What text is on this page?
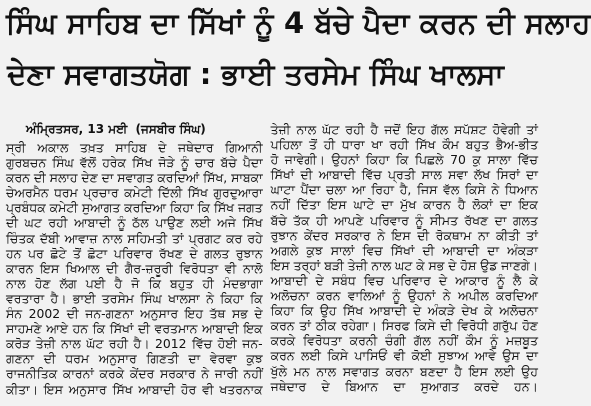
ਸਿੰਘ ਸਾਹਿਬ ਦਾ ਸਿੱਖਾਂ ਨੂੰ 4 ਬੱਚੇ ਪੈਦਾ ਕਰਨ ਦੀ ਸਲਾਹ
ਦੇਣਾ ਸਵਾਗਤਯੋਗ : ਭਾਈ ਤਰਸੇਮ ਸਿੰਘ ਖਾਲਸਾ
ਅੰਮ੍ਰਿਤਸਰ, 13 ਮਈ (ਜਸਬੀਰ ਸਿੰਘ)
ਸ੍ਰੀ ਅਕਾਲ ਤਖ਼ਤ ਸਾਹਿਬ ਦੇ ਜਥੇਦਾਰ ਗਿਆਨੀ
ਗੁਰਬਚਨ ਸਿੰਘ ਵੱਲੋਂ ਹਰੇਕ ਸਿੱਖ ਜੋੜੇ ਨੂੰ ਚਾਰ ਬੱਚੇ ਪੈਦਾ
ਕਰਨ ਦੀ ਸਲਾਹ ਦੇਣ ਦਾ ਸਵਾਗਤ ਕਰਦਿਆਂ ਸਿੱਖ, ਸਾਬਕਾ
ਚੇਅਰਮੈਨ ਧਰਮ ਪ੍ਰਚਾਰ ਕਮੇਟੀ ਦਿੱਲੀ ਸਿੱਖ ਗੁਰਦੁਆਰਾ
ਪ੍ਰਬੰਧਕ ਕਮੇਟੀ ਸੁਆਗਤ ਕਰਦਿਆ ਕਿਹਾ ਕਿ ਸਿੱਖ ਜਗਤ
ਦੀ ਘਟ ਰਹੀ ਆਬਾਦੀ ਨੂੰ ਠੱਲ ਪਾਉਣ ਲਈ ਅਜੇ ਸਿੱਖ
ਚਿੰਤਕ ਦੱਬੀ ਆਵਾਜ਼ ਨਾਲ ਸਹਿਮਤੀ ਤਾਂ ਪ੍ਰਗਟ ਕਰ ਰਹੇ
ਹਨ ਪਰ ਛੋਟੇ ਤੋਂ ਛੋਟਾ ਪਰਿਵਾਰ ਰੱਖਣ ਦੇ ਗਲਤ ਰੁਝਾਨ
ਕਾਰਨ ਇਸ ਖਿਆਲ ਦੀ ਗੈਰ-ਜ਼ਰੂਰੀ ਵਿਰੋਧਤਾ ਵੀ ਨਾਲੋ
ਨਾਲ ਹੋਣ ਲੱਗ ਪਈ ਹੈ ਜੋ ਕਿ ਬਹੁਤ ਹੀ ਮੰਦਭਾਗਾ
ਵਰਤਾਰਾ ਹੈ। ਭਾਈ ਤਰਸੇਮ ਸਿੰਘ ਖਾਲਸਾ ਨੇ ਕਿਹਾ ਕਿ
ਸੰਨ 2002 ਦੀ ਜਨ-ਗਣਨਾ ਅਨੁਸਾਰ ਇਹ ਤੱਥ ਸਭ ਦੇ
ਸਾਹਮਣੇ ਆਏ ਹਨ ਕਿ ਸਿੱਖਾਂ ਦੀ ਵਰਤਮਾਨ ਆਬਾਦੀ ਇਕ
ਕਰੋੜ ਤੇਜ਼ੀ ਨਾਲ ਘੱਟ ਰਹੀ ਹੈ। 2012 ਵਿੱਚ ਹੋਈ ਜਨ-
ਗਣਨਾ ਦੀ ਧਰਮ ਅਨੁਸਾਰ ਗਿਣਤੀ ਦਾ ਵੇਰਵਾ ਕੁਝ
ਰਾਜਨੀਤਿਕ ਕਾਰਨਾਂ ਕਰਕੇ ਕੇਂਦਰ ਸਰਕਾਰ ਨੇ ਜਾਰੀ ਨਹੀਂ
ਕੀਤਾ। ਇਸ ਅਨੁਸਾਰ ਸਿੱਖ ਆਬਾਦੀ ਹੋਰ ਵੀ ਖਤਰਨਾਕ
ਤੇਜ਼ੀ ਨਾਲ ਘੱਟ ਰਹੀ ਹੈ ਜਦੋਂ ਇਹ ਗੱਲ ਸਪੱਸ਼ਟ ਹੋਵੇਗੀ ਤਾਂ
ਪਹਿਲਾ ਤੋਂ ਹੀ ਧਾਰਾ ਖਾ ਰਹੀ ਸਿੱਖ ਕੌਮ ਬਹੁਤ ਭੈਅ-ਭੀਤ
ਹੋ ਜਾਵੇਗੀ। ਉਹਨਾਂ ਕਿਹਾ ਕਿ ਪਿਛਲੇ 70 ਕੁ ਸਾਲਾ ਵਿੱਚ
ਸਿੱਖਾਂ ਦੀ ਆਬਾਦੀ ਵਿੱਚ ਪ੍ਰਤੀ ਸਾਲ ਸਵਾ ਲੱਖ ਸਿਰਾਂ ਦਾ
ਘਾਟਾ ਪੈਂਦਾ ਚਲਾ ਆ ਰਿਹਾ ਹੈ, ਜਿਸ ਵੱਲ ਕਿਸੇ ਨੇ ਧਿਆਨ
ਨਹੀਂ ਦਿੱਤਾ ਇਸ ਘਾਟੇ ਦਾ ਮੁੱਖ ਕਾਰਨ ਹੈ ਲੋਕਾਂ ਦਾ ਇਕ
ਬੱਚੇ ਤੱਕ ਹੀ ਆਪਣੇ ਪਰਿਵਾਰ ਨੂੰ ਸੀਮਤ ਰੱਖਣ ਦਾ ਗਲਤ
ਰੁਝਾਨ ਕੇਂਦਰ ਸਰਕਾਰ ਨੇ ਇਸ ਦੀ ਰੋਕਥਾਮ ਨਾ ਕੀਤੀ ਤਾਂ
ਅਗਲੇ ਕੁਝ ਸਾਲਾਂ ਵਿਚ ਸਿੱਖਾਂ ਦੀ ਆਬਾਦੀ ਦਾ ਅੰਕੜਾ
ਇਸ ਤਰ੍ਹਾਂ ਬੜੀ ਤੇਜ਼ੀ ਨਾਲ ਘਟ ਕੇ ਸਭ ਦੇ ਹੋਸ਼ ਉਡ ਜਾਣਗੇ।
ਆਬਾਦੀ ਦੇ ਸਬੰਧ ਵਿਚ ਪਰਿਵਾਰ ਦੇ ਆਕਾਰ ਨੂੰ ਲੈ ਕੇ
ਅਲੋਚਨਾ ਕਰਨ ਵਾਲਿਆਂ ਨੂੰ ਉਹਨਾਂ ਨੇ ਅਪੀਲ ਕਰਦਿਆ
ਕਿਹਾ ਕਿ ਉਹ ਸਿੱਖ ਆਬਾਦੀ ਦੇ ਅੰਕੜੇ ਦੇਖ ਕੇ ਅਲੋਚਨਾ
ਕਰਨ ਤਾਂ ਠੀਕ ਰਹੇਗਾ। ਸਿਰਫ ਕਿਸੇ ਦੀ ਵਿਰੋਧੀ ਗਰੁੱਪ ਹੋਣ
ਕਰਕੇ ਵਿਰੋਧਤਾ ਕਰਨੀ ਚੰਗੀ ਗੱਲ ਨਹੀਂ ਕੌਮ ਨੂੰ ਮਜ਼ਬੂਤ
ਕਰਨ ਲਈ ਕਿਸੇ ਪਾਸਿਓਂ ਵੀ ਕੋਈ ਸੁਝਾਅ ਆਵੇ ਉਸ ਦਾ
ਖੁੱਲੇ ਮਨ ਨਾਲ ਸਵਾਗਤ ਕਰਨਾ ਬਣਦਾ ਹੈ ਇਸ ਲਈ ਉਹ
ਜਥੇਦਾਰ ਦੇ ਬਿਆਨ ਦਾ ਸੁਆਗਤ ਕਰਦੇ ਹਨ।
